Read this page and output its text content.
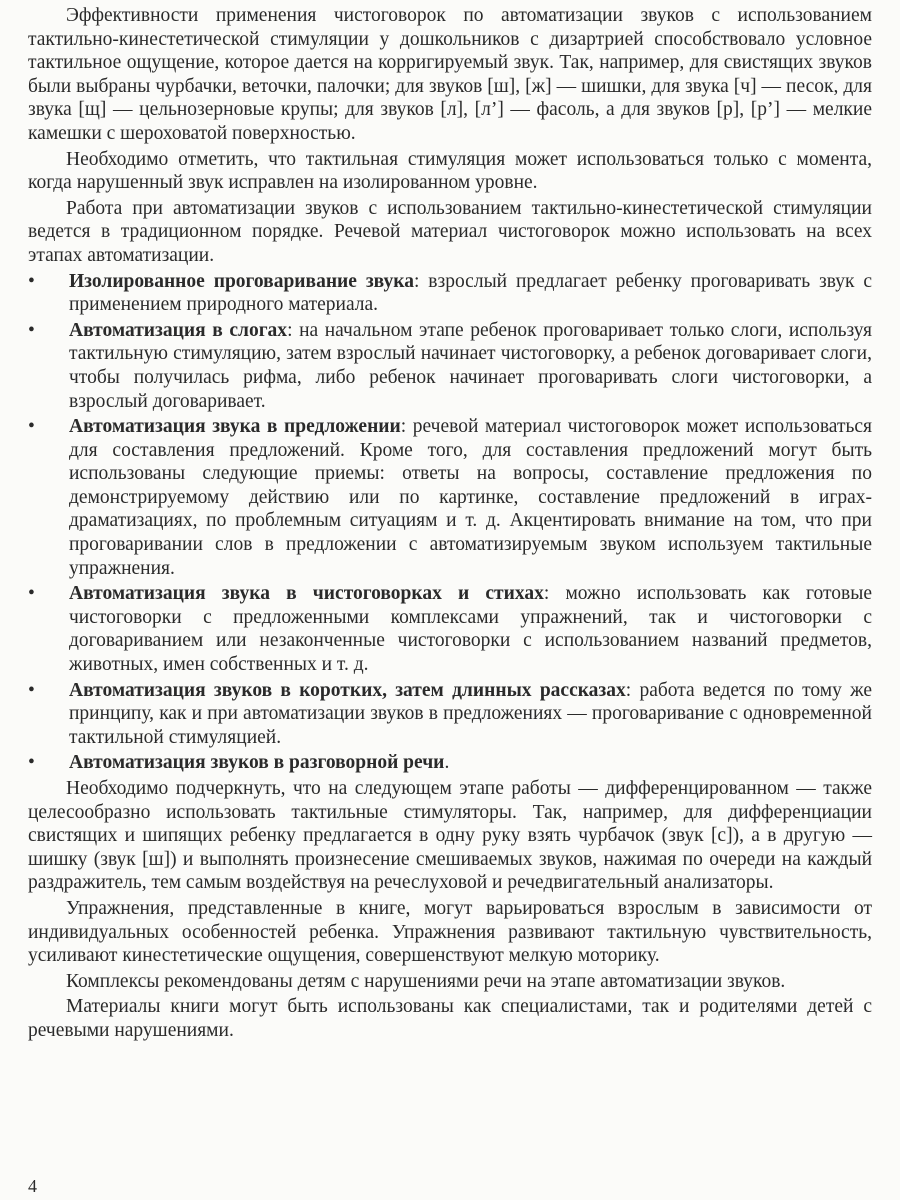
Эффективности применения чистоговорок по автоматизации звуков с использованием тактильно-кинестетической стимуляции у дошкольников с дизартрией способствовало условное тактильное ощущение, которое дается на корригируемый звук. Так, например, для свистящих звуков были выбраны чурбачки, веточки, палочки; для звуков [ш], [ж] — шишки, для звука [ч] — песок, для звука [щ] — цельнозерновые крупы; для звуков [л], [л’] — фасоль, а для звуков [р], [р’] — мелкие камешки с шероховатой поверхностью.

Необходимо отметить, что тактильная стимуляция может использоваться только с момента, когда нарушенный звук исправлен на изолированном уровне.

Работа при автоматизации звуков с использованием тактильно-кинестетической стимуляции ведется в традиционном порядке. Речевой материал чистоговорок можно использовать на всех этапах автоматизации.

• Изолированное проговаривание звука: взрослый предлагает ребенку проговаривать звук с применением природного материала.
• Автоматизация в слогах: на начальном этапе ребенок проговаривает только слоги, используя тактильную стимуляцию, затем взрослый начинает чистоговорку, а ребенок договаривает слоги, чтобы получилась рифма, либо ребенок начинает проговаривать слоги чистоговорки, а взрослый договаривает.
• Автоматизация звука в предложении: речевой материал чистоговорок может использоваться для составления предложений. Кроме того, для составления предложений могут быть использованы следующие приемы: ответы на вопросы, составление предложения по демонстрируемому действию или по картинке, составление предложений в играх-драматизациях, по проблемным ситуациям и т. д. Акцентировать внимание на том, что при проговаривании слов в предложении с автоматизируемым звуком используем тактильные упражнения.
• Автоматизация звука в чистоговорках и стихах: можно использовать как готовые чистоговорки с предложенными комплексами упражнений, так и чистоговорки с договариванием или незаконченные чистоговорки с использованием названий предметов, животных, имен собственных и т. д.
• Автоматизация звуков в коротких, затем длинных рассказах: работа ведется по тому же принципу, как и при автоматизации звуков в предложениях — проговаривание с одновременной тактильной стимуляцией.
• Автоматизация звуков в разговорной речи.

Необходимо подчеркнуть, что на следующем этапе работы — дифференцированном — также целесообразно использовать тактильные стимуляторы. Так, например, для дифференциации свистящих и шипящих ребенку предлагается в одну руку взять чурбачок (звук [с]), а в другую — шишку (звук [ш]) и выполнять произнесение смешиваемых звуков, нажимая по очереди на каждый раздражитель, тем самым воздействуя на речеслуховой и речедвигательный анализаторы.

Упражнения, представленные в книге, могут варьироваться взрослым в зависимости от индивидуальных особенностей ребенка. Упражнения развивают тактильную чувствительность, усиливают кинестетические ощущения, совершенствуют мелкую моторику.

Комплексы рекомендованы детям с нарушениями речи на этапе автоматизации звуков.

Материалы книги могут быть использованы как специалистами, так и родителями детей с речевыми нарушениями.

4
